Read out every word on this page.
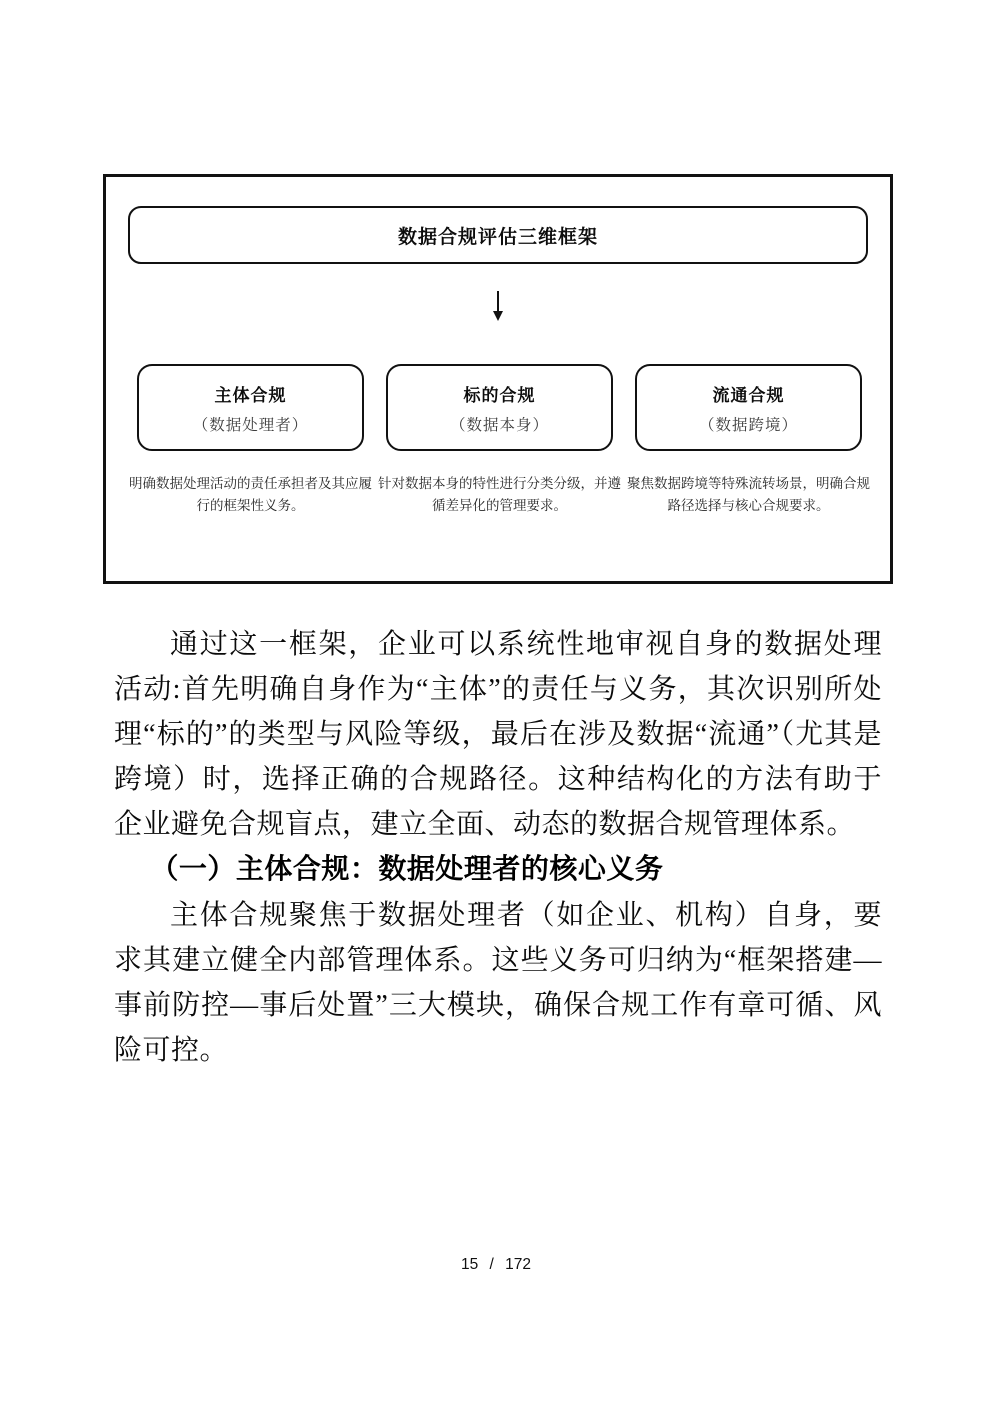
数据合规评估三维框架
主体合规
（数据处理者）
明确数据处理活动的责任承担者及其应履行的框架性义务。
标的合规
（数据本身）
针对数据本身的特性进行分类分级，并遵循差异化的管理要求。
流通合规
（数据跨境）
聚焦数据跨境等特殊流转场景，明确合规路径选择与核心合规要求。

通过这一框架，企业可以系统性地审视自身的数据处理活动:首先明确自身作为“主体”的责任与义务，其次识别所处理“标的”的类型与风险等级，最后在涉及数据“流通”（尤其是跨境）时，选择正确的合规路径。这种结构化的方法有助于企业避免合规盲点，建立全面、动态的数据合规管理体系。

（一）主体合规：数据处理者的核心义务

主体合规聚焦于数据处理者（如企业、机构）自身，要求其建立健全内部管理体系。这些义务可归纳为“框架搭建—事前防控—事后处置”三大模块，确保合规工作有章可循、风险可控。

15 / 172
